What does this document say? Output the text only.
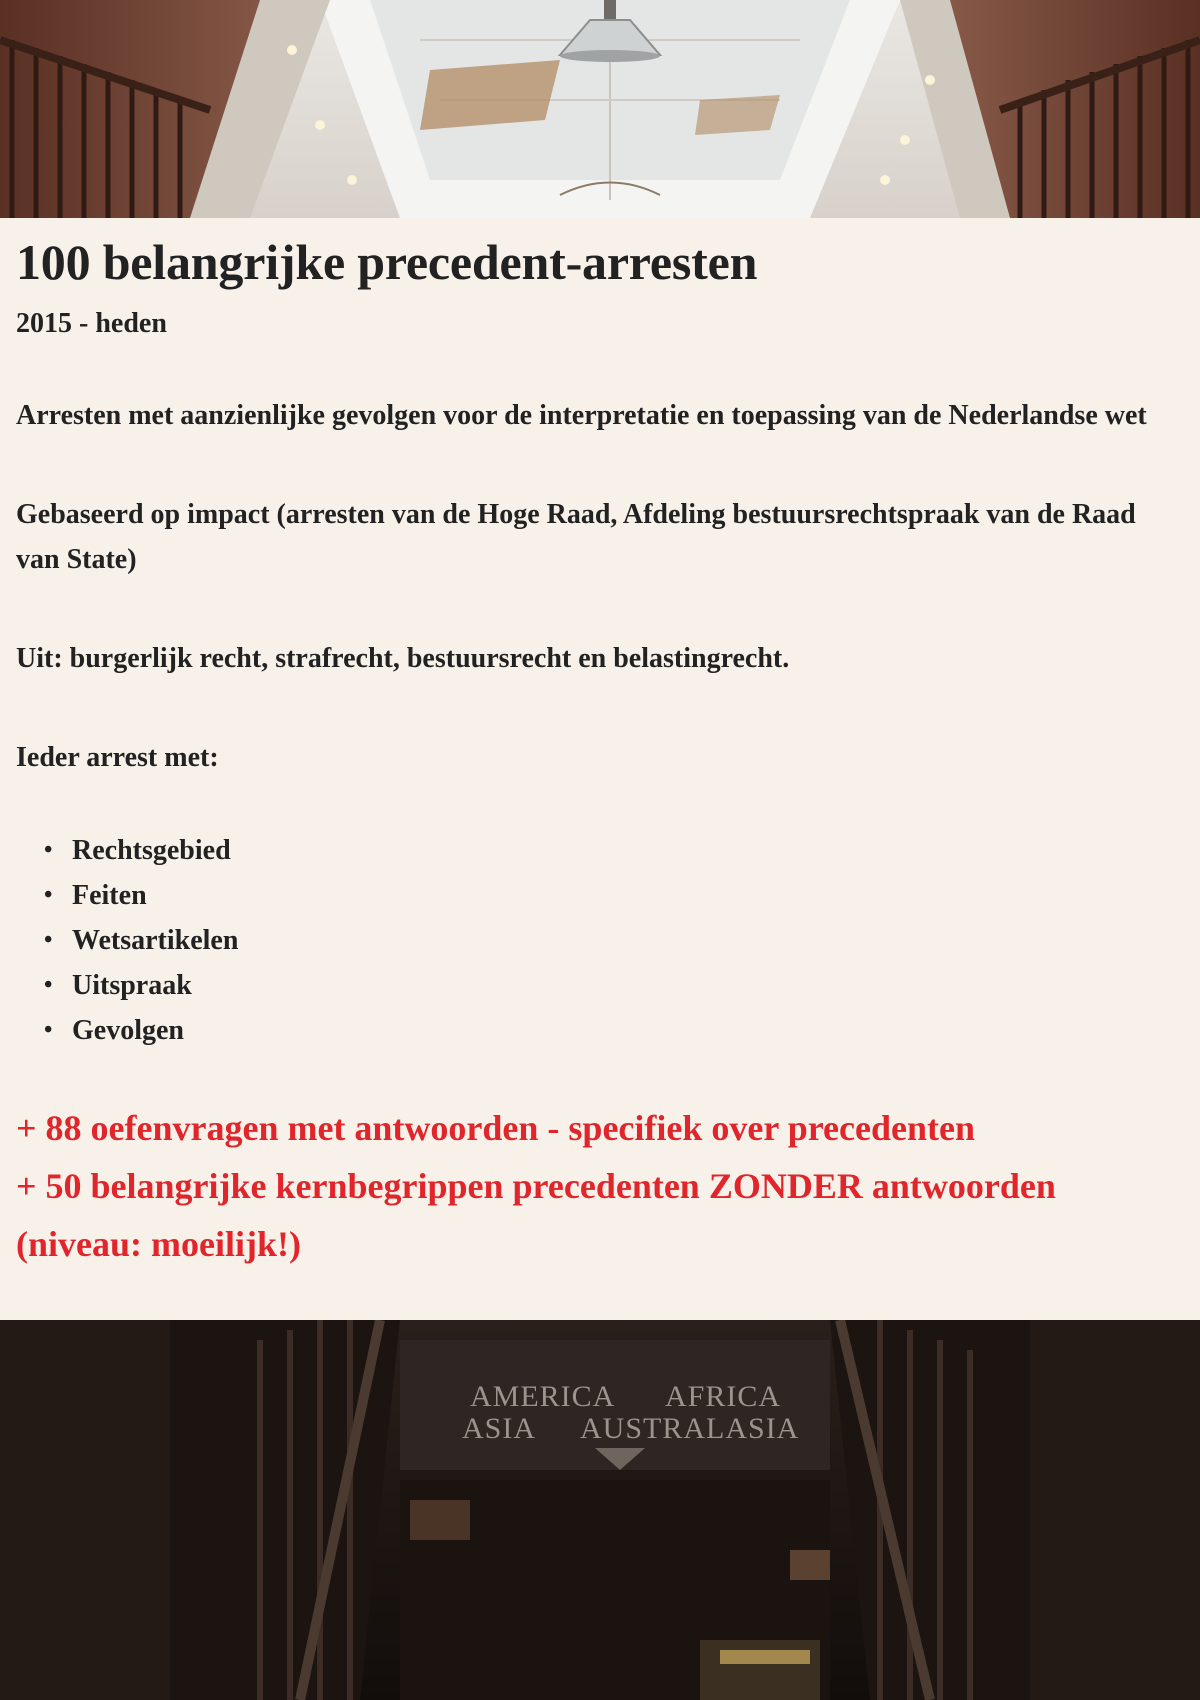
100 belangrijke precedent-arresten

2015 - heden

Arresten met aanzienlijke gevolgen voor de interpretatie en toepassing van de Nederlandse wet

Gebaseerd op impact (arresten van de Hoge Raad, Afdeling bestuursrechtspraak van de Raad van State)

Uit: burgerlijk recht, strafrecht, bestuursrecht en belastingrecht.

Ieder arrest met:

• Rechtsgebied
• Feiten
• Wetsartikelen
• Uitspraak
• Gevolgen

+ 88 oefenvragen met antwoorden - specifiek over precedenten

+ 50 belangrijke kernbegrippen precedenten ZONDER antwoorden (niveau: moeilijk!)

AMERICA AFRICA
ASIA AUSTRALASIA
